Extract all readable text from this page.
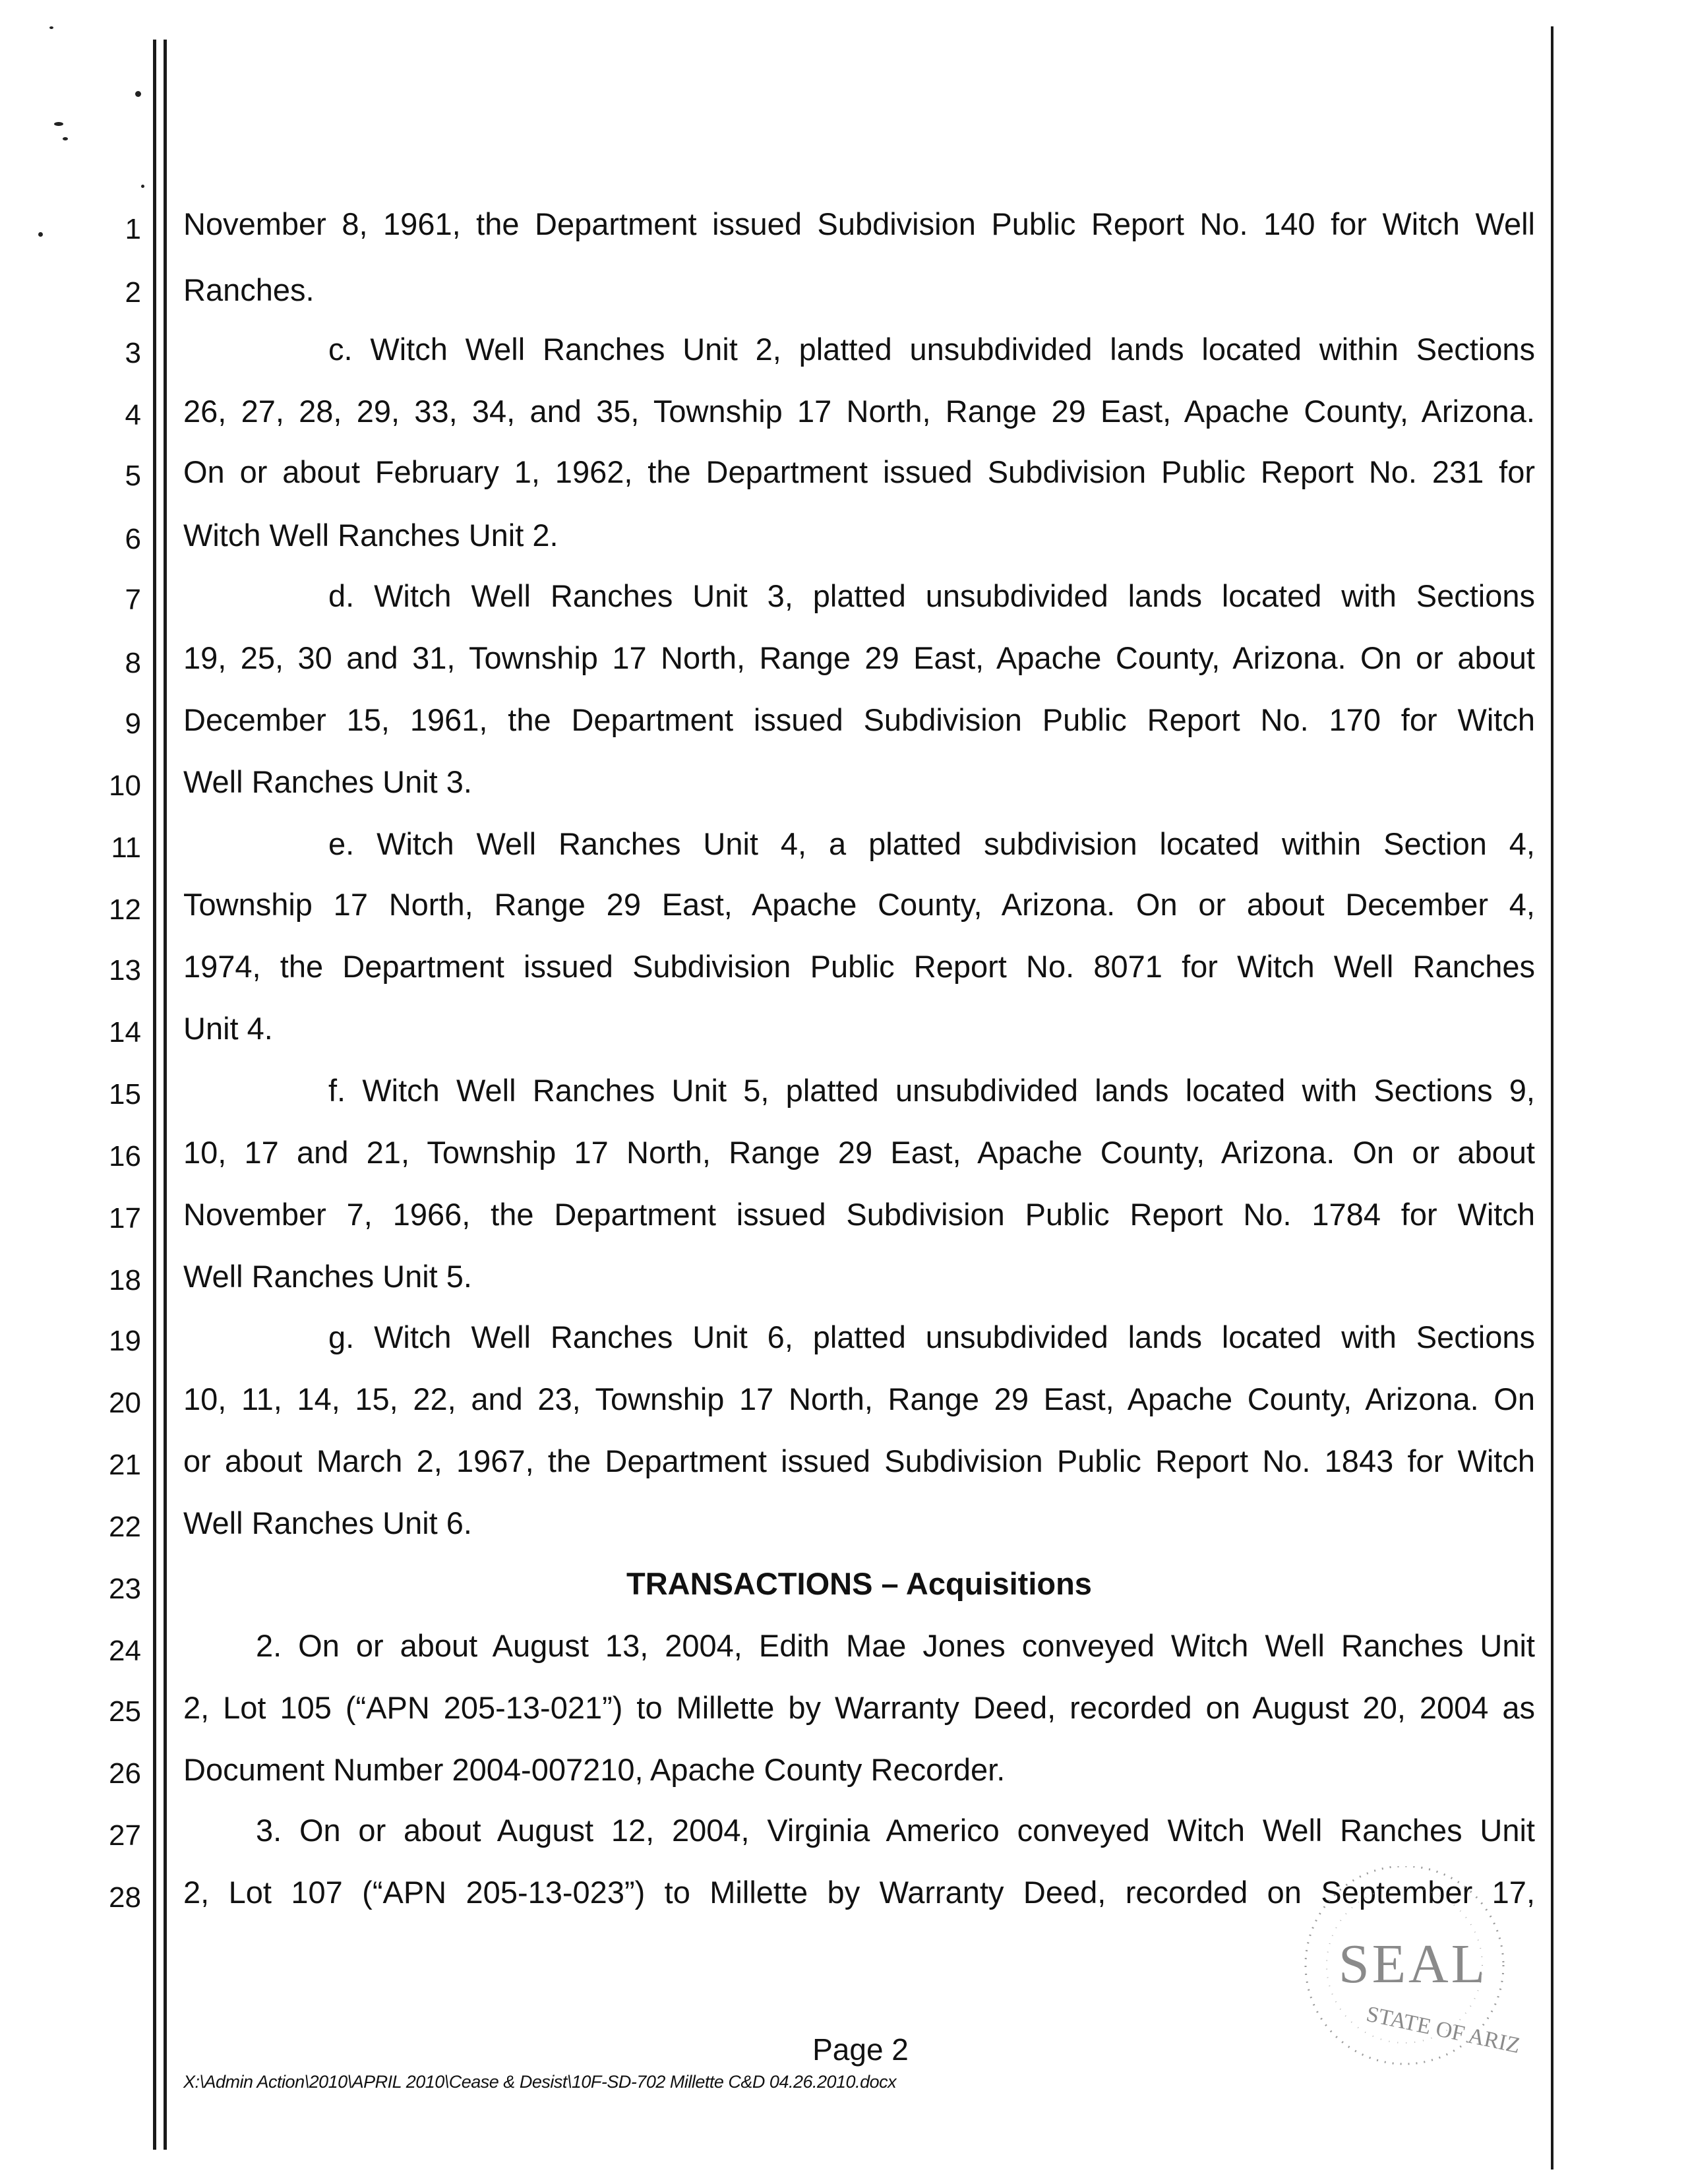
1
2
3
4
5
6
7
8
9
10
11
12
13
14
15
16
17
18
19
20
21
22
23
24
25
26
27
28
November 8, 1961, the Department issued Subdivision Public Report No. 140 for Witch Well
Ranches.
c. Witch Well Ranches Unit 2, platted unsubdivided lands located within Sections
26, 27, 28, 29, 33, 34, and 35, Township 17 North, Range 29 East, Apache County, Arizona.
On or about February 1, 1962, the Department issued Subdivision Public Report No. 231 for
Witch Well Ranches Unit 2.
d. Witch Well Ranches Unit 3, platted unsubdivided lands located with Sections
19, 25, 30 and 31, Township 17 North, Range 29 East, Apache County, Arizona. On or about
December 15, 1961, the Department issued Subdivision Public Report No. 170 for Witch
Well Ranches Unit 3.
e. Witch Well Ranches Unit 4, a platted subdivision located within Section 4,
Township 17 North, Range 29 East, Apache County, Arizona. On or about December 4,
1974, the Department issued Subdivision Public Report No. 8071 for Witch Well Ranches
Unit 4.
f. Witch Well Ranches Unit 5, platted unsubdivided lands located with Sections 9,
10, 17 and 21, Township 17 North, Range 29 East, Apache County, Arizona. On or about
November 7, 1966, the Department issued Subdivision Public Report No. 1784 for Witch
Well Ranches Unit 5.
g. Witch Well Ranches Unit 6, platted unsubdivided lands located with Sections
10, 11, 14, 15, 22, and 23, Township 17 North, Range 29 East, Apache County, Arizona. On
or about March 2, 1967, the Department issued Subdivision Public Report No. 1843 for Witch
Well Ranches Unit 6.
TRANSACTIONS – Acquisitions
2. On or about August 13, 2004, Edith Mae Jones conveyed Witch Well Ranches Unit
2, Lot 105 (“APN 205-13-021”) to Millette by Warranty Deed, recorded on August 20, 2004 as
Document Number 2004-007210, Apache County Recorder.
3. On or about August 12, 2004, Virginia Americo conveyed Witch Well Ranches Unit
2, Lot 107 (“APN 205-13-023”) to Millette by Warranty Deed, recorded on September 17,
SEAL
STATE OF ARIZ
Page 2
X:\Admin Action\2010\APRIL 2010\Cease & Desist\10F-SD-702 Millette C&D 04.26.2010.docx
